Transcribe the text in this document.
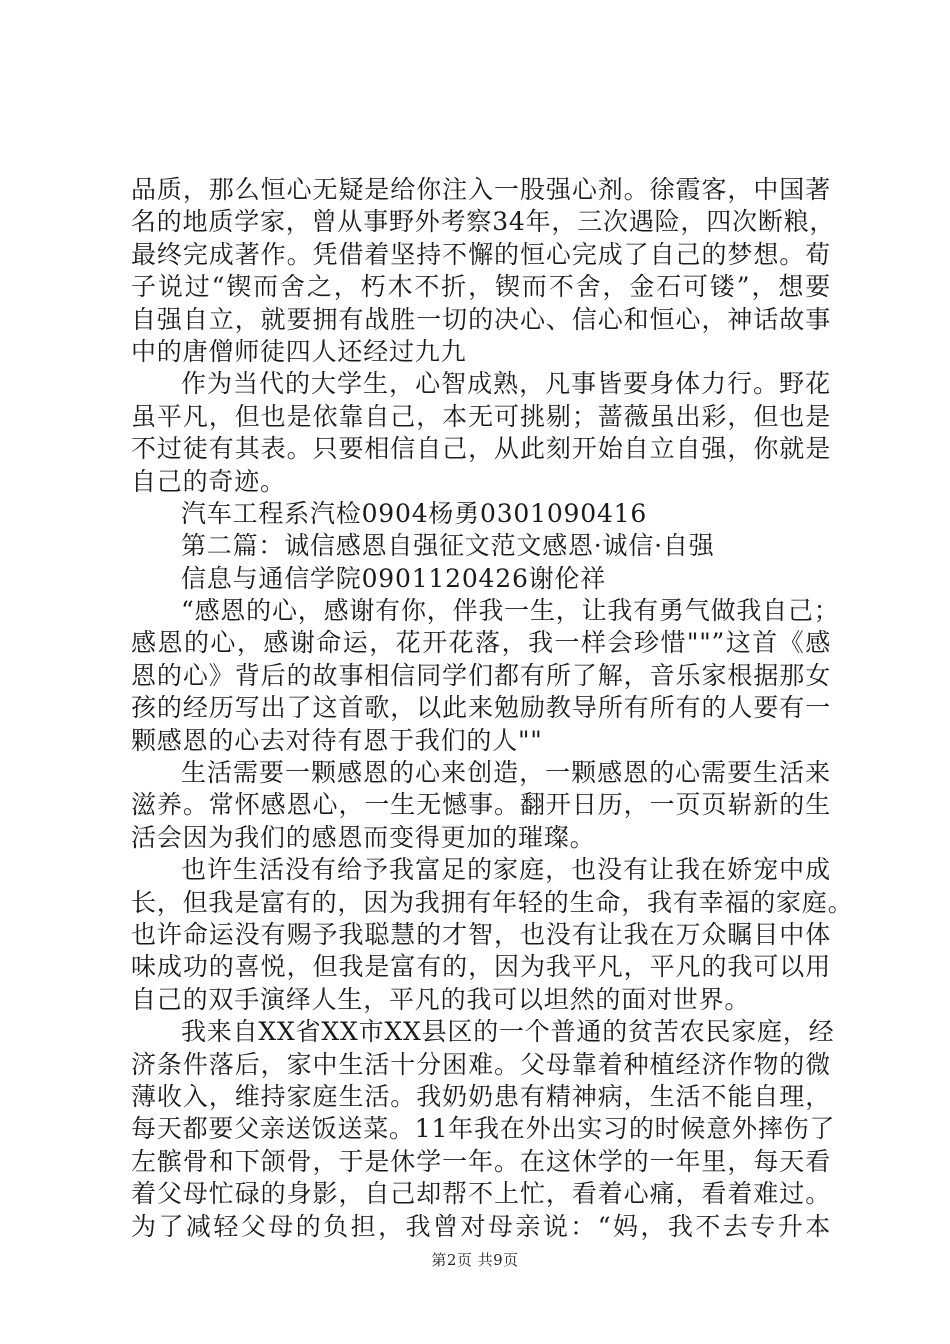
品质，那么恒心无疑是给你注入一股强心剂。徐霞客，中国著
名的地质学家，曾从事野外考察34年，三次遇险，四次断粮，
最终完成著作。凭借着坚持不懈的恒心完成了自己的梦想。荀
子说过“锲而舍之，朽木不折，锲而不舍，金石可镂”，想要
自强自立，就要拥有战胜一切的决心、信心和恒心，神话故事
中的唐僧师徒四人还经过九九
作为当代的大学生，心智成熟，凡事皆要身体力行。野花
虽平凡，但也是依靠自己，本无可挑剔；蔷薇虽出彩，但也是
不过徒有其表。只要相信自己，从此刻开始自立自强，你就是
自己的奇迹。
汽车工程系汽检0904杨勇0301090416
第二篇：诚信感恩自强征文范文感恩·诚信·自强
信息与通信学院0901120426谢伦祥
“感恩的心，感谢有你，伴我一生，让我有勇气做我自己；
感恩的心，感谢命运，花开花落，我一样会珍惜""”这首《感
恩的心》背后的故事相信同学们都有所了解，音乐家根据那女
孩的经历写出了这首歌，以此来勉励教导所有所有的人要有一
颗感恩的心去对待有恩于我们的人""
生活需要一颗感恩的心来创造，一颗感恩的心需要生活来
滋养。常怀感恩心，一生无憾事。翻开日历，一页页崭新的生
活会因为我们的感恩而变得更加的璀璨。
也许生活没有给予我富足的家庭，也没有让我在娇宠中成
长，但我是富有的，因为我拥有年轻的生命，我有幸福的家庭。
也许命运没有赐予我聪慧的才智，也没有让我在万众瞩目中体
味成功的喜悦，但我是富有的，因为我平凡，平凡的我可以用
自己的双手演绎人生，平凡的我可以坦然的面对世界。
我来自XX省XX市XX县区的一个普通的贫苦农民家庭，经
济条件落后，家中生活十分困难。父母靠着种植经济作物的微
薄收入，维持家庭生活。我奶奶患有精神病，生活不能自理，
每天都要父亲送饭送菜。11年我在外出实习的时候意外摔伤了
左髌骨和下颌骨，于是休学一年。在这休学的一年里，每天看
着父母忙碌的身影，自己却帮不上忙，看着心痛，看着难过。
为了减轻父母的负担，我曾对母亲说：“妈，我不去专升本
第2页 共9页
